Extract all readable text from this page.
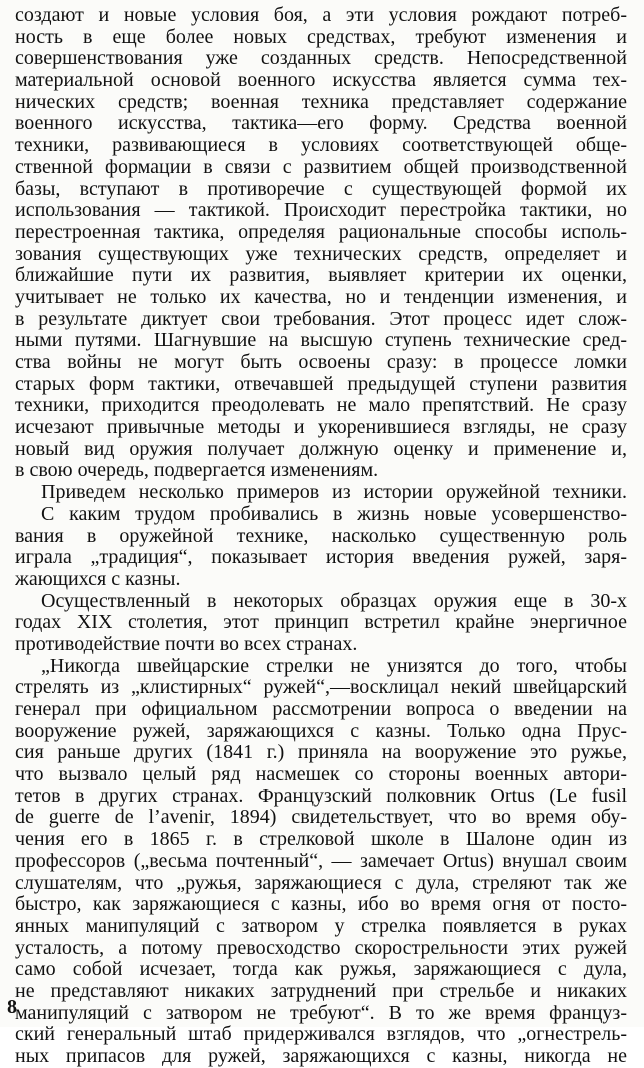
создают и новые условия боя, а эти условия рождают потреб-
ность в еще более новых средствах, требуют изменения и
совершенствования уже созданных средств. Непосредственной
материальной основой военного искусства является сумма тех-
нических средств; военная техника представляет содержание
военного искусства, тактика—его форму. Средства военной
техники, развивающиеся в условиях соответствующей обще-
ственной формации в связи с развитием общей производственной
базы, вступают в противоречие с существующей формой их
использования — тактикой. Происходит перестройка тактики, но
перестроенная тактика, определяя рациональные способы исполь-
зования существующих уже технических средств, определяет и
ближайшие пути их развития, выявляет критерии их оценки,
учитывает не только их качества, но и тенденции изменения, и
в результате диктует свои требования. Этот процесс идет слож-
ными путями. Шагнувшие на высшую ступень технические сред-
ства войны не могут быть освоены сразу: в процессе ломки
старых форм тактики, отвечавшей предыдущей ступени развития
техники, приходится преодолевать не мало препятствий. Не сразу
исчезают привычные методы и укоренившиеся взгляды, не сразу
новый вид оружия получает должную оценку и применение и,
в свою очередь, подвергается изменениям.
Приведем несколько примеров из истории оружейной техники.
С каким трудом пробивались в жизнь новые усовершенство-
вания в оружейной технике, насколько существенную роль
играла „традиция“, показывает история введения ружей, заря-
жающихся с казны.
Осуществленный в некоторых образцах оружия еще в 30-х
годах XIX столетия, этот принцип встретил крайне энергичное
противодействие почти во всех странах.
„Никогда швейцарские стрелки не унизятся до того, чтобы
стрелять из „клистирных“ ружей“,—восклицал некий швейцарский
генерал при официальном рассмотрении вопроса о введении на
вооружение ружей, заряжающихся с казны. Только одна Прус-
сия раньше других (1841 г.) приняла на вооружение это ружье,
что вызвало целый ряд насмешек со стороны военных автори-
тетов в других странах. Французский полковник Ortus (Le fusil
de guerre de l’avenir, 1894) свидетельствует, что во время обу-
чения его в 1865 г. в стрелковой школе в Шалоне один из
профессоров („весьма почтенный“, — замечает Ortus) внушал своим
слушателям, что „ружья, заряжающиеся с дула, стреляют так же
быстро, как заряжающиеся с казны, ибо во время огня от посто-
янных манипуляций с затвором у стрелка появляется в руках
усталость, а потому превосходство скорострельности этих ружей
само собой исчезает, тогда как ружья, заряжающиеся с дула,
не представляют никаких затруднений при стрельбе и никаких
манипуляций с затвором не требуют“. В то же время француз-
ский генеральный штаб придерживался взглядов, что „огнестрель-
ных припасов для ружей, заряжающихся с казны, никогда не
8
